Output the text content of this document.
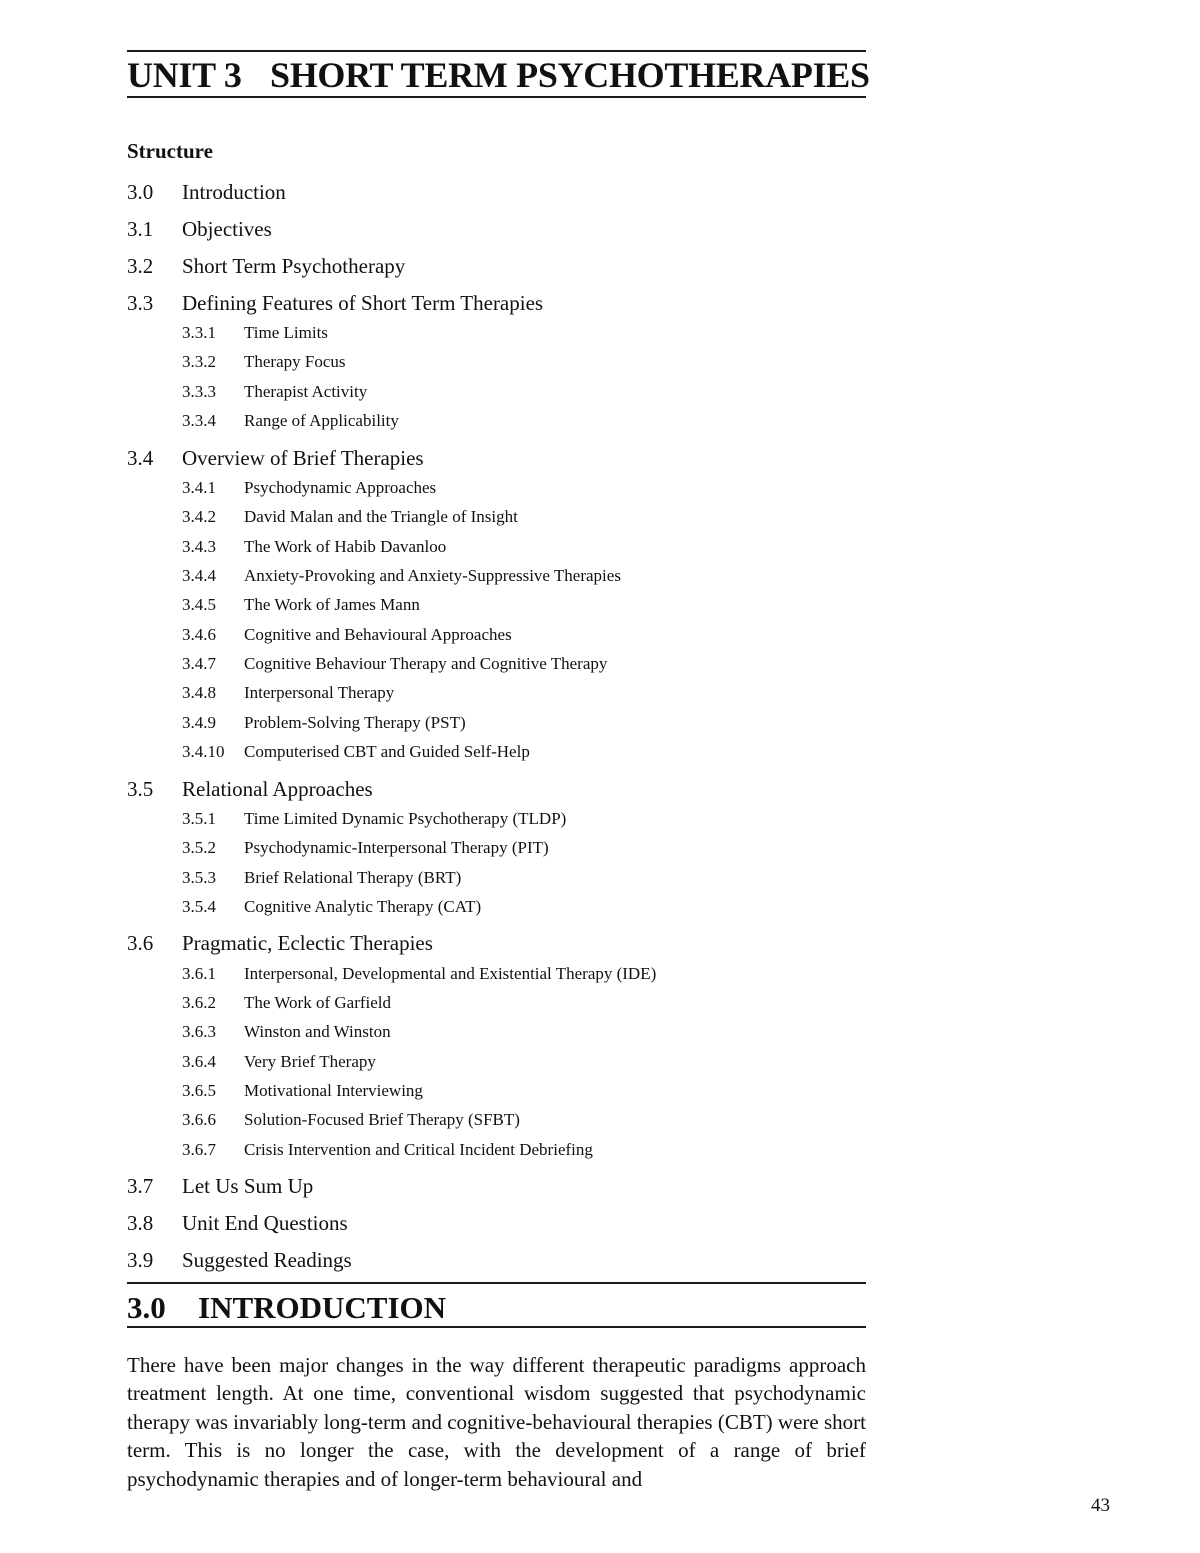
UNIT 3 SHORT TERM PSYCHOTHERAPIES
Structure
3.0 Introduction
3.1 Objectives
3.2 Short Term Psychotherapy
3.3 Defining Features of Short Term Therapies
3.3.1 Time Limits
3.3.2 Therapy Focus
3.3.3 Therapist Activity
3.3.4 Range of Applicability
3.4 Overview of Brief Therapies
3.4.1 Psychodynamic Approaches
3.4.2 David Malan and the Triangle of Insight
3.4.3 The Work of Habib Davanloo
3.4.4 Anxiety-Provoking and Anxiety-Suppressive Therapies
3.4.5 The Work of James Mann
3.4.6 Cognitive and Behavioural Approaches
3.4.7 Cognitive Behaviour Therapy and Cognitive Therapy
3.4.8 Interpersonal Therapy
3.4.9 Problem-Solving Therapy (PST)
3.4.10 Computerised CBT and Guided Self-Help
3.5 Relational Approaches
3.5.1 Time Limited Dynamic Psychotherapy (TLDP)
3.5.2 Psychodynamic-Interpersonal Therapy (PIT)
3.5.3 Brief Relational Therapy (BRT)
3.5.4 Cognitive Analytic Therapy (CAT)
3.6 Pragmatic, Eclectic Therapies
3.6.1 Interpersonal, Developmental and Existential Therapy (IDE)
3.6.2 The Work of Garfield
3.6.3 Winston and Winston
3.6.4 Very Brief Therapy
3.6.5 Motivational Interviewing
3.6.6 Solution-Focused Brief Therapy (SFBT)
3.6.7 Crisis Intervention and Critical Incident Debriefing
3.7 Let Us Sum Up
3.8 Unit End Questions
3.9 Suggested Readings
3.0 INTRODUCTION

There have been major changes in the way different therapeutic paradigms approach treatment length. At one time, conventional wisdom suggested that psychodynamic therapy was invariably long-term and cognitive-behavioural therapies (CBT) were short term. This is no longer the case, with the development of a range of brief psychodynamic therapies and of longer-term behavioural and

43
